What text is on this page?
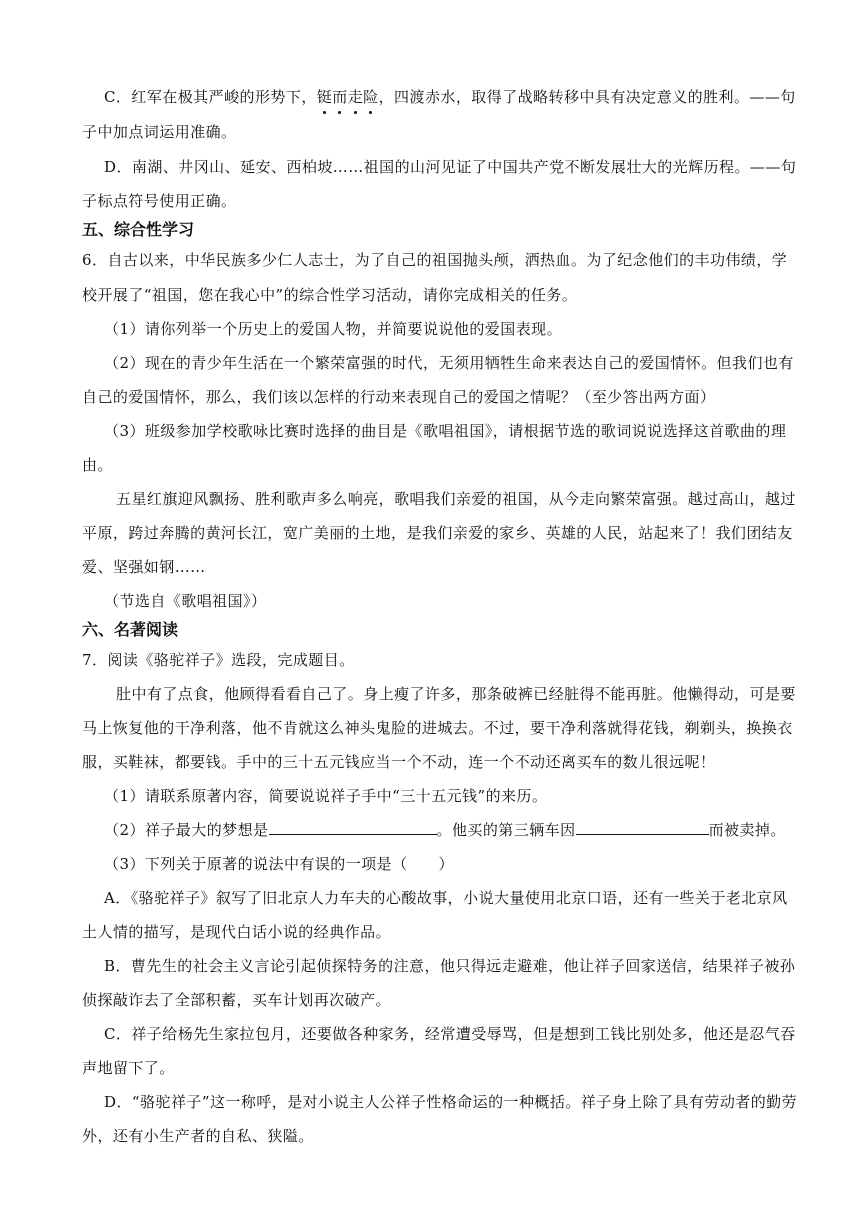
C．红军在极其严峻的形势下，铤而走险，四渡赤水，取得了战略转移中具有决定意义的胜利。——句
子中加点词运用准确。
D．南湖、井冈山、延安、西柏坡……祖国的山河见证了中国共产党不断发展壮大的光辉历程。——句
子标点符号使用正确。
五、综合性学习
6．自古以来，中华民族多少仁人志士，为了自己的祖国抛头颅，洒热血。为了纪念他们的丰功伟绩，学
校开展了“祖国，您在我心中”的综合性学习活动，请你完成相关的任务。
（1）请你列举一个历史上的爱国人物，并简要说说他的爱国表现。
（2）现在的青少年生活在一个繁荣富强的时代，无须用牺牲生命来表达自己的爱国情怀。但我们也有
自己的爱国情怀，那么，我们该以怎样的行动来表现自己的爱国之情呢？（至少答出两方面）
（3）班级参加学校歌咏比赛时选择的曲目是《歌唱祖国》，请根据节选的歌词说说选择这首歌曲的理
由。
五星红旗迎风飘扬、胜利歌声多么响亮，歌唱我们亲爱的祖国，从今走向繁荣富强。越过高山，越过
平原，跨过奔腾的黄河长江，宽广美丽的土地，是我们亲爱的家乡、英雄的人民，站起来了！我们团结友
爱、坚强如钢……
（节选自《歌唱祖国》）
六、名著阅读
7．阅读《骆驼祥子》选段，完成题目。
肚中有了点食，他顾得看看自己了。身上瘦了许多，那条破裤已经脏得不能再脏。他懒得动，可是要
马上恢复他的干净利落，他不肯就这么神头鬼脸的进城去。不过，要干净利落就得花钱，剃剃头，换换衣
服，买鞋袜，都要钱。手中的三十五元钱应当一个不动，连一个不动还离买车的数儿很远呢！
（1）请联系原著内容，简要说说祥子手中“三十五元钱”的来历。
（2）祥子最大的梦想是	。他买的第三辆车因	而被卖掉。
（3）下列关于原著的说法中有误的一项是（　　）
A．《骆驼祥子》叙写了旧北京人力车夫的心酸故事，小说大量使用北京口语，还有一些关于老北京风
土人情的描写，是现代白话小说的经典作品。
B．曹先生的社会主义言论引起侦探特务的注意，他只得远走避难，他让祥子回家送信，结果祥子被孙
侦探敲诈去了全部积蓄，买车计划再次破产。
C．祥子给杨先生家拉包月，还要做各种家务，经常遭受辱骂，但是想到工钱比别处多，他还是忍气吞
声地留下了。
D．“骆驼祥子”这一称呼，是对小说主人公祥子性格命运的一种概括。祥子身上除了具有劳动者的勤劳
外，还有小生产者的自私、狭隘。
